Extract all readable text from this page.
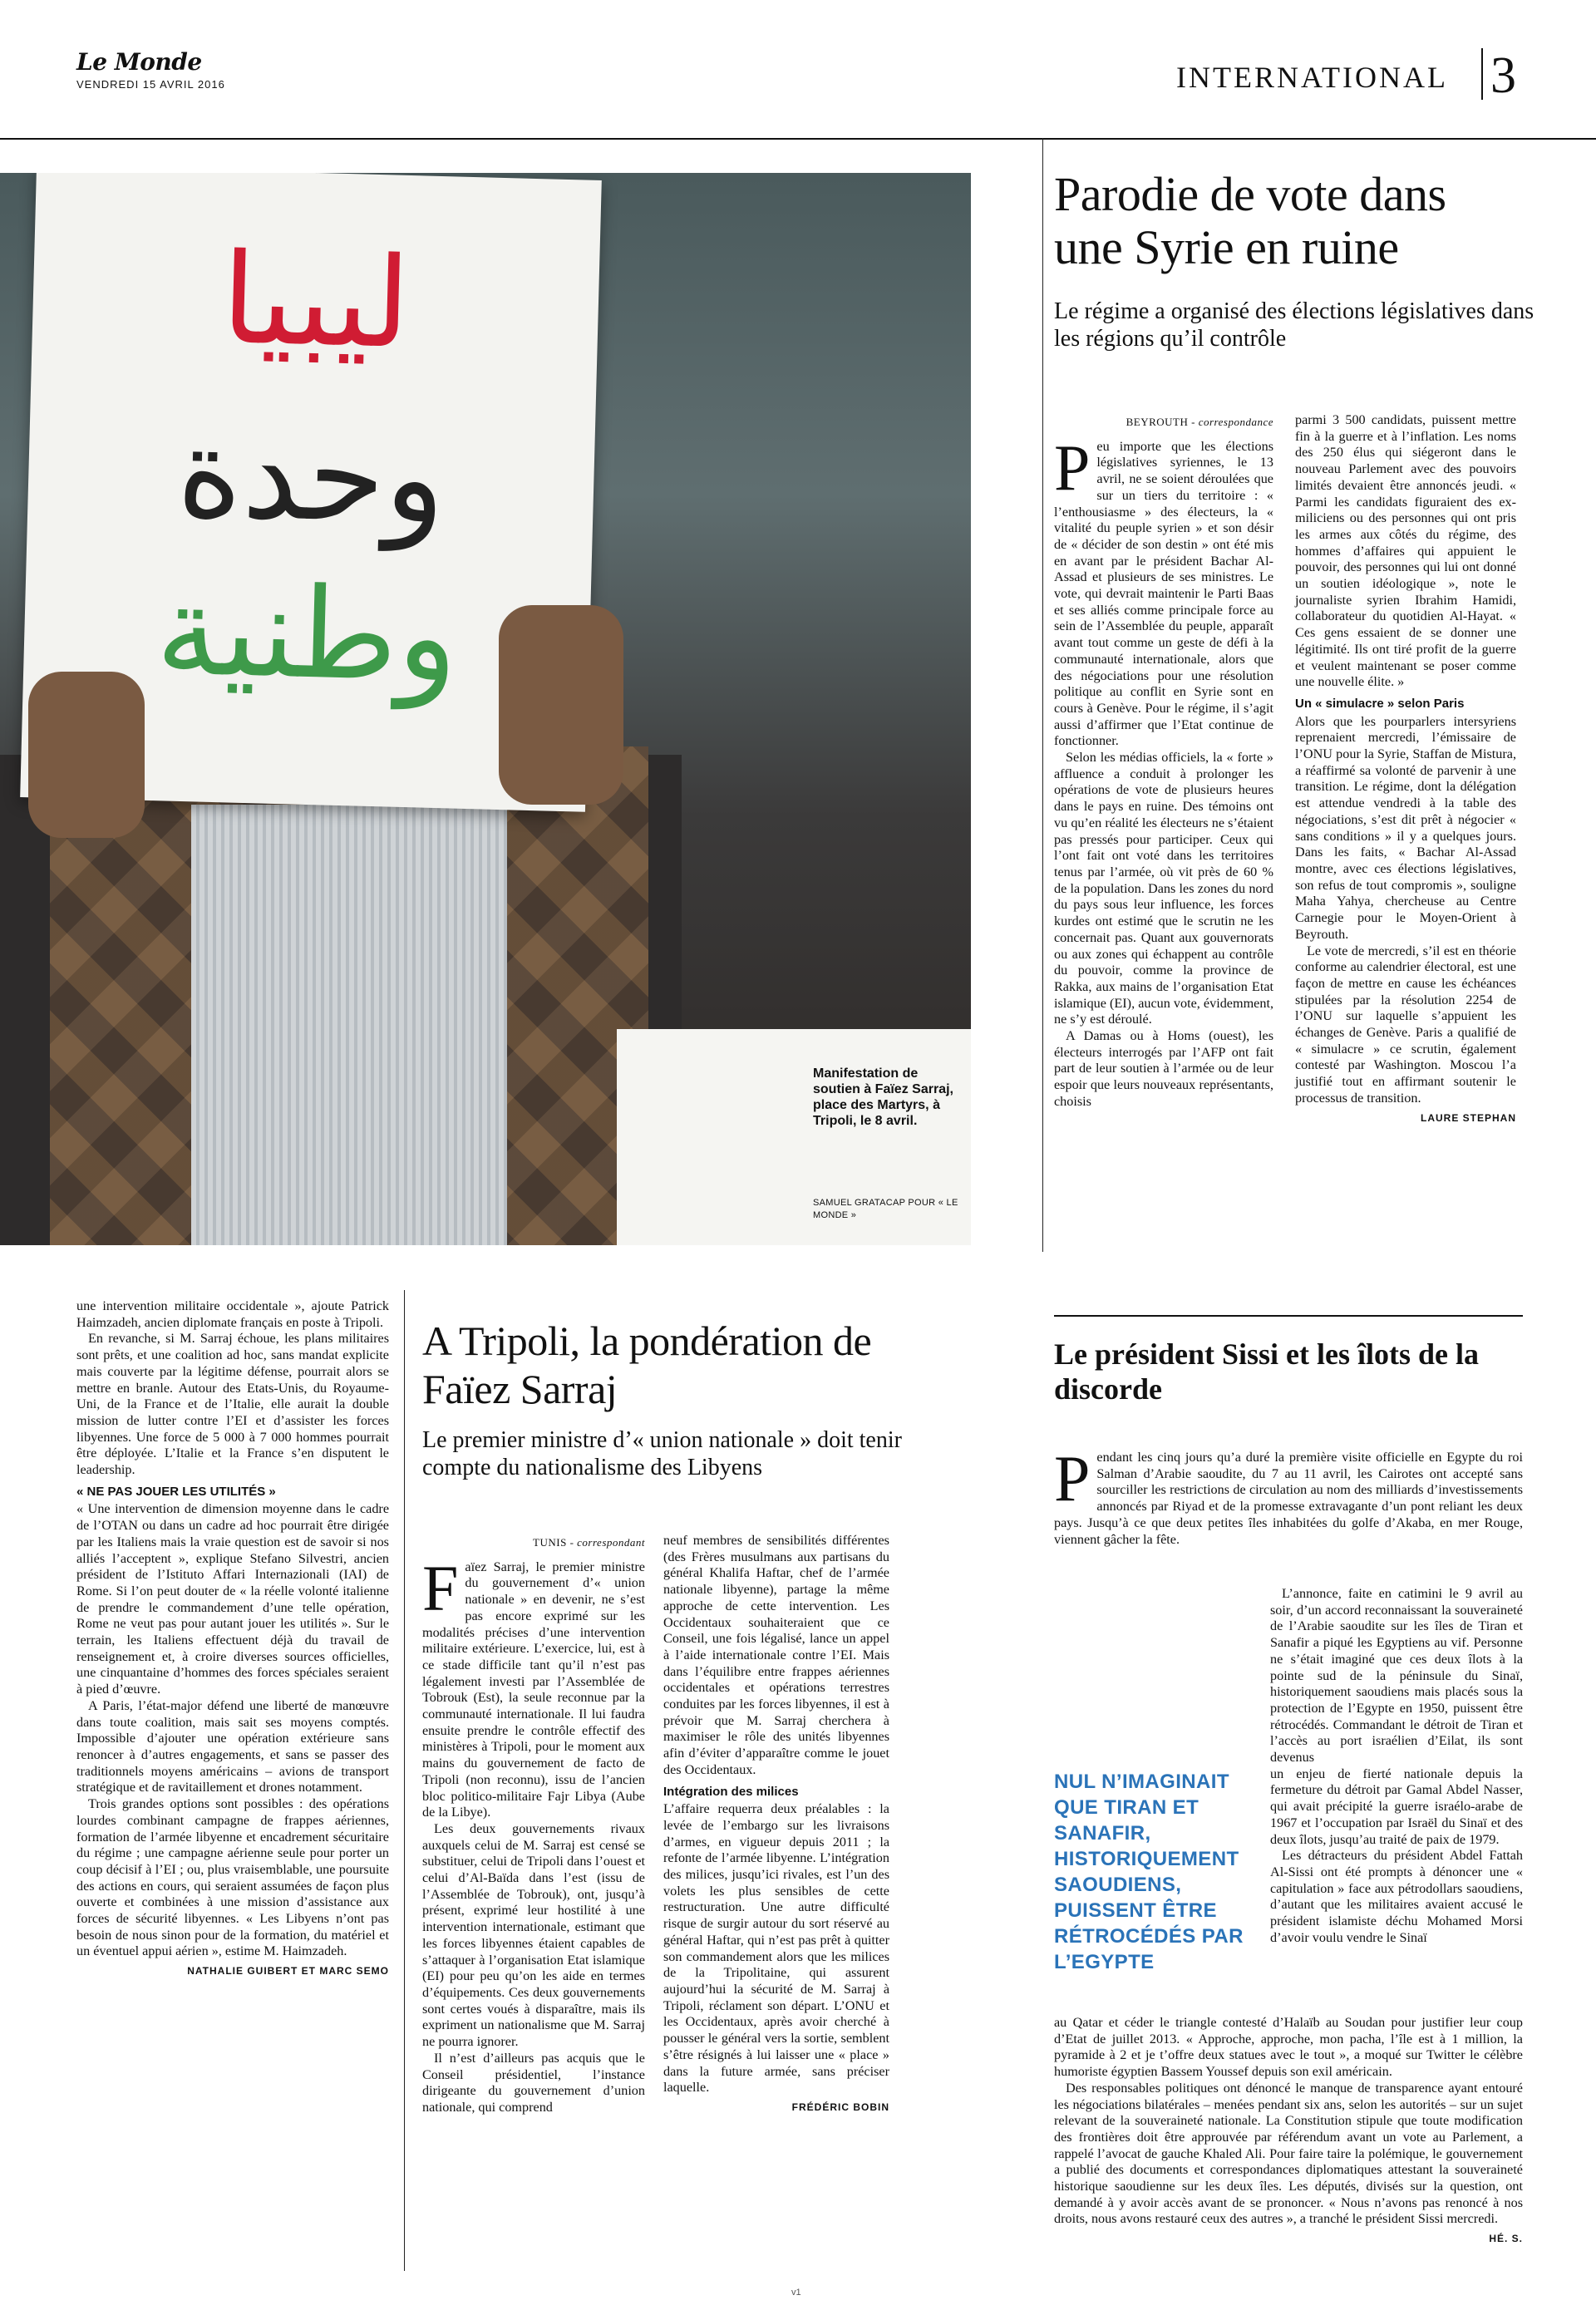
Le Monde
VENDREDI 15 AVRIL 2016	INTERNATIONAL 3
ليبيا
وحدة
وطنية
Manifestation de soutien à Faïez Sarraj, place des Martyrs, à Tripoli, le 8 avril.
SAMUEL GRATACAP POUR « LE MONDE »
Parodie de vote dans une Syrie en ruine
Le régime a organisé des élections législatives dans les régions qu’il contrôle
BEYROUTH - correspondance
P eu importe que les élections législatives syriennes, le 13 avril, ne se soient déroulées que sur un tiers du territoire : « l’enthousiasme » des électeurs, la « vitalité du peuple syrien » et son désir de « décider de son destin » ont été mis en avant par le président Bachar Al-Assad et plusieurs de ses ministres. Le vote, qui devrait maintenir le Parti Baas et ses alliés comme principale force au sein de l’Assemblée du peuple, apparaît avant tout comme un geste de défi à la communauté internationale, alors que des négociations pour une résolution politique au conflit en Syrie sont en cours à Genève. Pour le régime, il s’agit aussi d’affirmer que l’Etat continue de fonctionner.

Selon les médias officiels, la « forte » affluence a conduit à prolonger les opérations de vote de plusieurs heures dans le pays en ruine. Des témoins ont vu qu’en réalité les électeurs ne s’étaient pas pressés pour participer. Ceux qui l’ont fait ont voté dans les territoires tenus par l’armée, où vit près de 60 % de la population. Dans les zones du nord du pays sous leur influence, les forces kurdes ont estimé que le scrutin ne les concernait pas. Quant aux gouvernorats ou aux zones qui échappent au contrôle du pouvoir, comme la province de Rakka, aux mains de l’organisation Etat islamique (EI), aucun vote, évidemment, ne s’y est déroulé.

A Damas ou à Homs (ouest), les électeurs interrogés par l’AFP ont fait part de leur soutien à l’armée ou de leur espoir que leurs nouveaux représentants, choisis

parmi 3 500 candidats, puissent mettre fin à la guerre et à l’inflation. Les noms des 250 élus qui siégeront dans le nouveau Parlement avec des pouvoirs limités devaient être annoncés jeudi. « Parmi les candidats figuraient des ex-miliciens ou des personnes qui ont pris les armes aux côtés du régime, des hommes d’affaires qui appuient le pouvoir, des personnes qui lui ont donné un soutien idéologique », note le journaliste syrien Ibrahim Hamidi, collaborateur du quotidien Al-Hayat. « Ces gens essaient de se donner une légitimité. Ils ont tiré profit de la guerre et veulent maintenant se poser comme une nouvelle élite. »

Un « simulacre » selon Paris

Alors que les pourparlers intersyriens reprenaient mercredi, l’émissaire de l’ONU pour la Syrie, Staffan de Mistura, a réaffirmé sa volonté de parvenir à une transition. Le régime, dont la délégation est attendue vendredi à la table des négociations, s’est dit prêt à négocier « sans conditions » il y a quelques jours. Dans les faits, « Bachar Al-Assad montre, avec ces élections législatives, son refus de tout compromis », souligne Maha Yahya, chercheuse au Centre Carnegie pour le Moyen-Orient à Beyrouth.

Le vote de mercredi, s’il est en théorie conforme au calendrier électoral, est une façon de mettre en cause les échéances stipulées par la résolution 2254 de l’ONU sur laquelle s’appuient les échanges de Genève. Paris a qualifié de « simulacre » ce scrutin, également contesté par Washington. Moscou l’a justifié tout en affirmant soutenir le processus de transition.

LAURE STEPHAN

une intervention militaire occidentale », ajoute Patrick Haimzadeh, ancien diplomate français en poste à Tripoli.

En revanche, si M. Sarraj échoue, les plans militaires sont prêts, et une coalition ad hoc, sans mandat explicite mais couverte par la légitime défense, pourrait alors se mettre en branle. Autour des Etats-Unis, du Royaume-Uni, de la France et de l’Italie, elle aurait la double mission de lutter contre l’EI et d’assister les forces libyennes. Une force de 5 000 à 7 000 hommes pourrait être déployée. L’Italie et la France s’en disputent le leadership.

« NE PAS JOUER LES UTILITÉS »

« Une intervention de dimension moyenne dans le cadre de l’OTAN ou dans un cadre ad hoc pourrait être dirigée par les Italiens mais la vraie question est de savoir si nos alliés l’acceptent », explique Stefano Silvestri, ancien président de l’Istituto Affari Internazionali (IAI) de Rome. Si l’on peut douter de « la réelle volonté italienne de prendre le commandement d’une telle opération, Rome ne veut pas pour autant jouer les utilités ». Sur le terrain, les Italiens effectuent déjà du travail de renseignement et, à croire diverses sources officielles, une cinquantaine d’hommes des forces spéciales seraient à pied d’œuvre.

A Paris, l’état-major défend une liberté de manœuvre dans toute coalition, mais sait ses moyens comptés. Impossible d’ajouter une opération extérieure sans renoncer à d’autres engagements, et sans se passer des traditionnels moyens américains – avions de transport stratégique et de ravitaillement et drones notamment.

Trois grandes options sont possibles : des opérations lourdes combinant campagne de frappes aériennes, formation de l’armée libyenne et encadrement sécuritaire du régime ; une campagne aérienne seule pour porter un coup décisif à l’EI ; ou, plus vraisemblable, une poursuite des actions en cours, qui seraient assumées de façon plus ouverte et combinées à une mission d’assistance aux forces de sécurité libyennes. « Les Libyens n’ont pas besoin de nous sinon pour de la formation, du matériel et un éventuel appui aérien », estime M. Haimzadeh.

NATHALIE GUIBERT ET MARC SEMO
A Tripoli, la pondération de Faïez Sarraj
Le premier ministre d’« union nationale » doit tenir compte du nationalisme des Libyens
TUNIS - correspondant
F aïez Sarraj, le premier ministre du gouvernement d’« union nationale » en devenir, ne s’est pas encore exprimé sur les modalités précises d’une intervention militaire extérieure. L’exercice, lui, est à ce stade difficile tant qu’il n’est pas légalement investi par l’Assemblée de Tobrouk (Est), la seule reconnue par la communauté internationale. Il lui faudra ensuite prendre le contrôle effectif des ministères à Tripoli, pour le moment aux mains du gouvernement de facto de Tripoli (non reconnu), issu de l’ancien bloc politico-militaire Fajr Libya (Aube de la Libye).

Les deux gouvernements rivaux auxquels celui de M. Sarraj est censé se substituer, celui de Tripoli dans l’ouest et celui d’Al-Baïda dans l’est (issu de l’Assemblée de Tobrouk), ont, jusqu’à présent, exprimé leur hostilité à une intervention internationale, estimant que les forces libyennes étaient capables de s’attaquer à l’organisation Etat islamique (EI) pour peu qu’on les aide en termes d’équipements. Ces deux gouvernements sont certes voués à disparaître, mais ils expriment un nationalisme que M. Sarraj ne pourra ignorer.

Il n’est d’ailleurs pas acquis que le Conseil présidentiel, l’instance dirigeante du gouvernement d’union nationale, qui comprend

neuf membres de sensibilités différentes (des Frères musulmans aux partisans du général Khalifa Haftar, chef de l’armée nationale libyenne), partage la même approche de cette intervention. Les Occidentaux souhaiteraient que ce Conseil, une fois légalisé, lance un appel à l’aide internationale contre l’EI. Mais dans l’équilibre entre frappes aériennes occidentales et opérations terrestres conduites par les forces libyennes, il est à prévoir que M. Sarraj cherchera à maximiser le rôle des unités libyennes afin d’éviter d’apparaître comme le jouet des Occidentaux.

Intégration des milices

L’affaire requerra deux préalables : la levée de l’embargo sur les livraisons d’armes, en vigueur depuis 2011 ; la refonte de l’armée libyenne. L’intégration des milices, jusqu’ici rivales, est l’un des volets les plus sensibles de cette restructuration. Une autre difficulté risque de surgir autour du sort réservé au général Haftar, qui n’est pas prêt à quitter son commandement alors que les milices de la Tripolitaine, qui assurent aujourd’hui la sécurité de M. Sarraj à Tripoli, réclament son départ. L’ONU et les Occidentaux, après avoir cherché à pousser le général vers la sortie, semblent s’être résignés à lui laisser une « place » dans la future armée, sans préciser laquelle.

FRÉDÉRIC BOBIN
Le président Sissi et les îlots de la discorde
P endant les cinq jours qu’a duré la première visite officielle en Egypte du roi Salman d’Arabie saoudite, du 7 au 11 avril, les Cairotes ont accepté sans sourciller les restrictions de circulation au nom des milliards d’investissements annoncés par Riyad et de la promesse extravagante d’un pont reliant les deux pays. Jusqu’à ce que deux petites îles inhabitées du golfe d’Akaba, en mer Rouge, viennent gâcher la fête.

NUL N’IMAGINAIT QUE TIRAN ET SANAFIR, HISTORIQUEMENT SAOUDIENS, PUISSENT ÊTRE RÉTROCÉDÉS PAR L’EGYPTE

L’annonce, faite en catimini le 9 avril au soir, d’un accord reconnaissant la souveraineté de l’Arabie saoudite sur les îles de Tiran et Sanafir a piqué les Egyptiens au vif. Personne ne s’était imaginé que ces deux îlots à la pointe sud de la péninsule du Sinaï, historiquement saoudiens mais placés sous la protection de l’Egypte en 1950, puissent être rétrocédés. Commandant le détroit de Tiran et l’accès au port israélien d’Eilat, ils sont devenus

un enjeu de fierté nationale depuis la fermeture du détroit par Gamal Abdel Nasser, qui avait précipité la guerre israélo-arabe de 1967 et l’occupation par Israël du Sinaï et des deux îlots, jusqu’au traité de paix de 1979.

Les détracteurs du président Abdel Fattah Al-Sissi ont été prompts à dénoncer une « capitulation » face aux pétrodollars saoudiens, d’autant que les militaires avaient accusé le président islamiste déchu Mohamed Morsi d’avoir voulu vendre le Sinaï

au Qatar et céder le triangle contesté d’Halaïb au Soudan pour justifier leur coup d’Etat de juillet 2013. « Approche, approche, mon pacha, l’île est à 1 million, la pyramide à 2 et je t’offre deux statues avec le tout », a moqué sur Twitter le célèbre humoriste égyptien Bassem Youssef depuis son exil américain.

Des responsables politiques ont dénoncé le manque de transparence ayant entouré les négociations bilatérales – menées pendant six ans, selon les autorités – sur un sujet relevant de la souveraineté nationale. La Constitution stipule que toute modification des frontières doit être approuvée par référendum avant un vote au Parlement, a rappelé l’avocat de gauche Khaled Ali. Pour faire taire la polémique, le gouvernement a publié des documents et correspondances diplomatiques attestant la souveraineté historique saoudienne sur les deux îles. Les députés, divisés sur la question, ont demandé à y avoir accès avant de se prononcer. « Nous n’avons pas renoncé à nos droits, nous avons restauré ceux des autres », a tranché le président Sissi mercredi.

HÉ. S.
v1
